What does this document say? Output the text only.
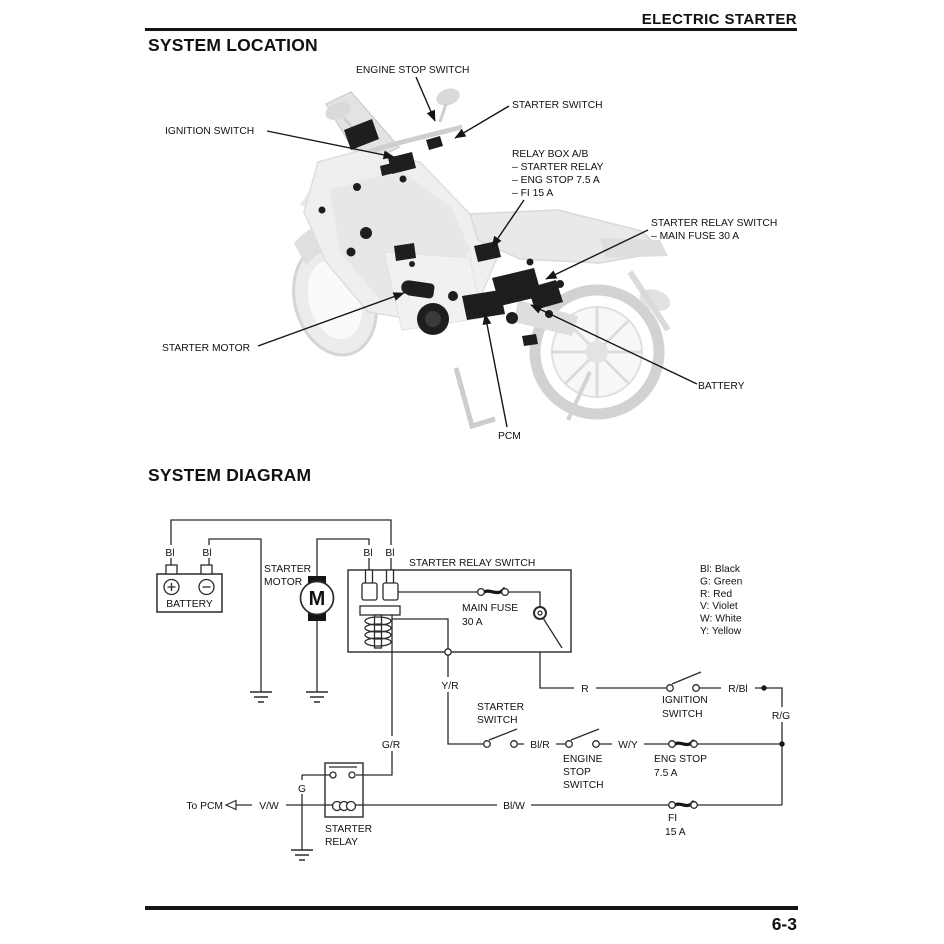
ELECTRIC STARTER
SYSTEM LOCATION
SYSTEM DIAGRAM
6-3
ENGINE STOP SWITCH
STARTER SWITCH
IGNITION SWITCH
RELAY BOX A/B
– STARTER RELAY
– ENG STOP 7.5 A
– FI 15 A
STARTER RELAY SWITCH
– MAIN FUSE 30 A
STARTER MOTOR
BATTERY
PCM
Bl	Bl
BATTERY
STARTER
MOTOR
M
Bl Bl
STARTER RELAY SWITCH
MAIN FUSE
30 A
Bl: Black
G: Green
R: Red
V: Violet
W: White
Y: Yellow
R
IGNITION
SWITCH
R/Bl
R/G
Y/R
G/R
STARTER
SWITCH
Bl/R
ENGINE
STOP
SWITCH
W/Y
ENG STOP
7.5 A
FI
15 A
Bl/W
V/W
To PCM
G
STARTER
RELAY
